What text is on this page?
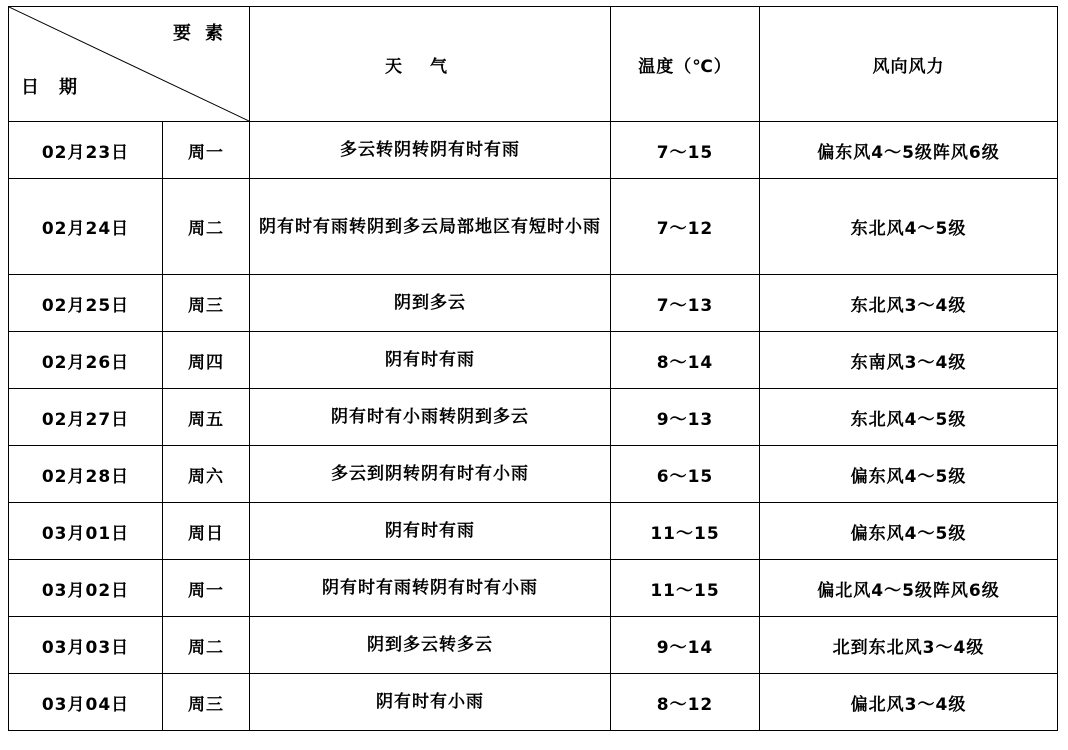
要素
日期		天气	温度（℃）	风向风力
02月23日	周一	多云转阴转阴有时有雨	7～15	偏东风4～5级阵风6级
02月24日	周二	阴有时有雨转阴到多云局部地区有短时小雨	7～12	东北风4～5级
02月25日	周三	阴到多云	7～13	东北风3～4级
02月26日	周四	阴有时有雨	8～14	东南风3～4级
02月27日	周五	阴有时有小雨转阴到多云	9～13	东北风4～5级
02月28日	周六	多云到阴转阴有时有小雨	6～15	偏东风4～5级
03月01日	周日	阴有时有雨	11～15	偏东风4～5级
03月02日	周一	阴有时有雨转阴有时有小雨	11～15	偏北风4～5级阵风6级
03月03日	周二	阴到多云转多云	9～14	北到东北风3～4级
03月04日	周三	阴有时有小雨	8～12	偏北风3～4级
